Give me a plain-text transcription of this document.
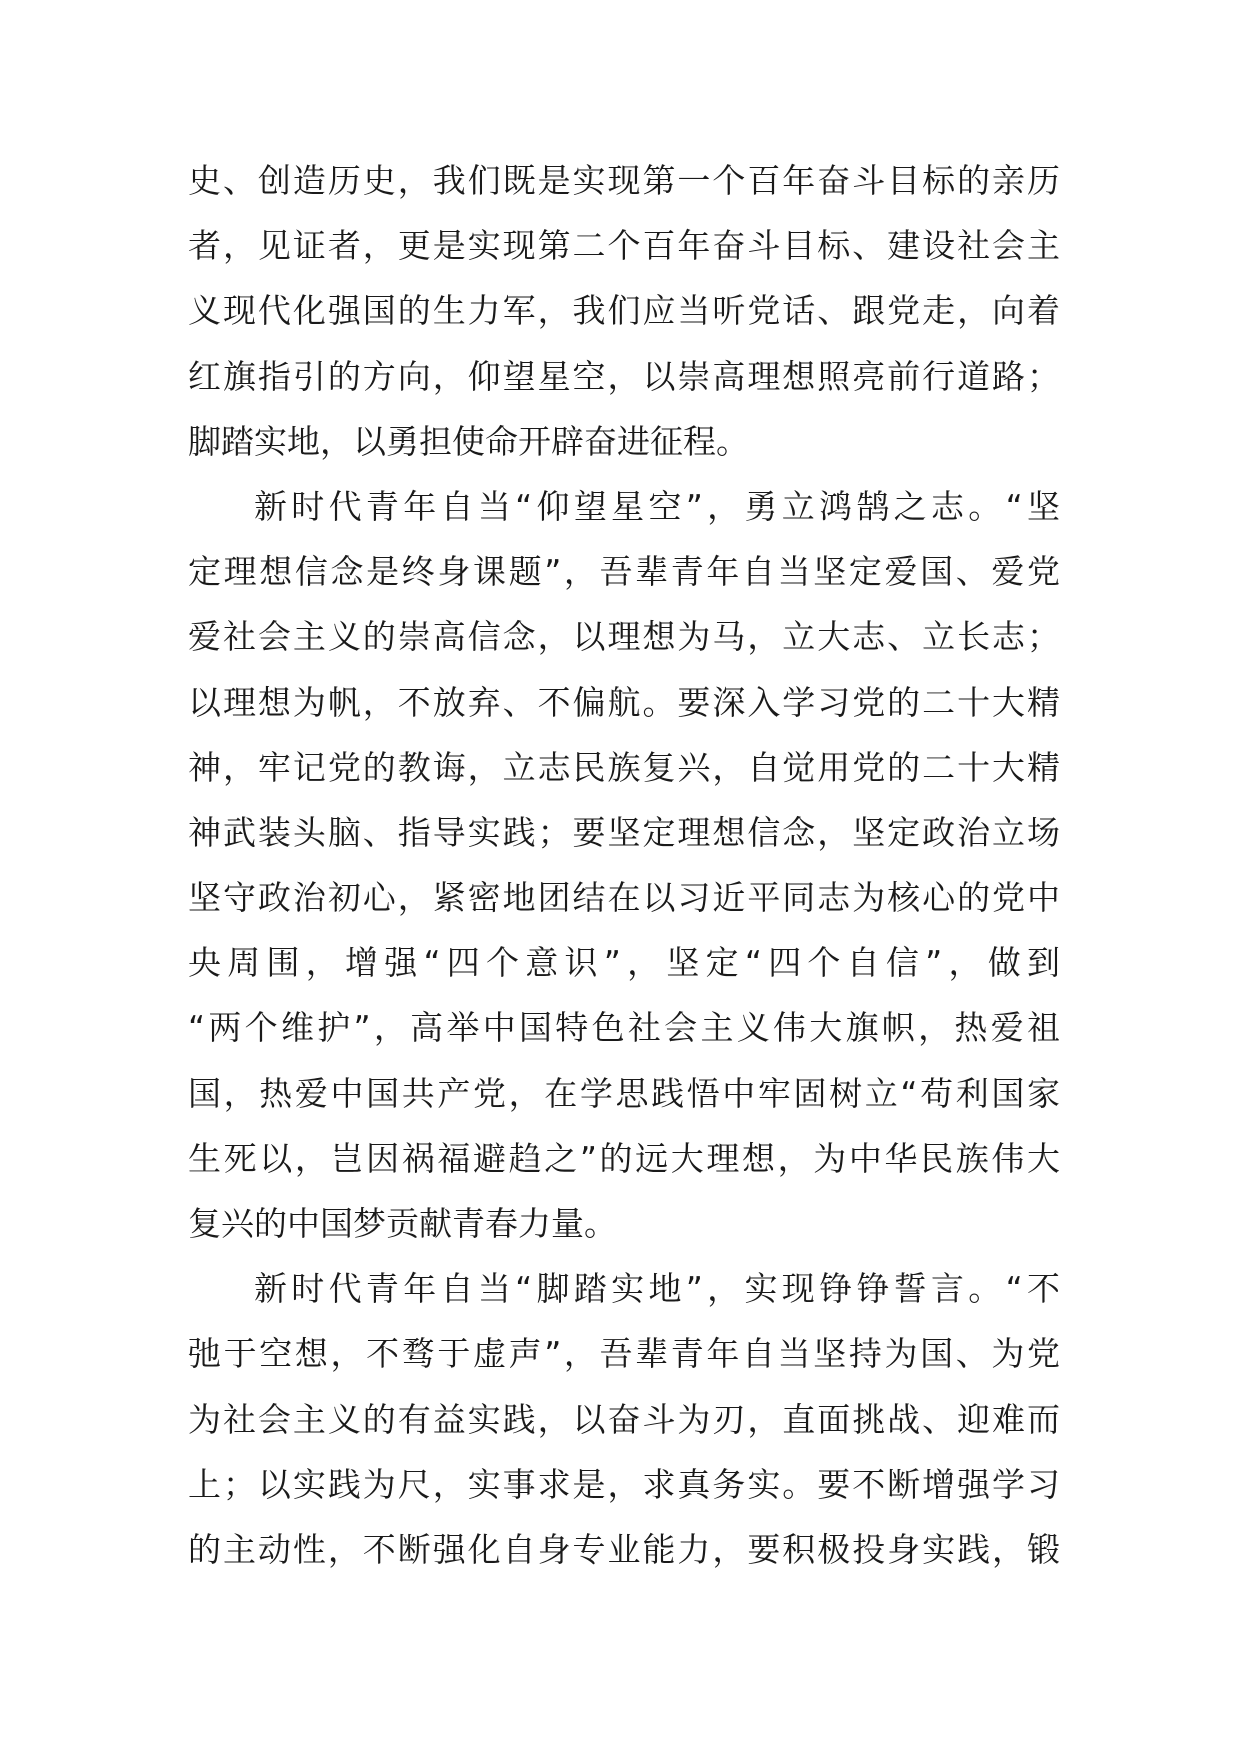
史、创造历史，我们既是实现第一个百年奋斗目标的亲历
者，见证者，更是实现第二个百年奋斗目标、建设社会主
义现代化强国的生力军，我们应当听党话、跟党走，向着
红旗指引的方向，仰望星空，以崇高理想照亮前行道路；
脚踏实地，以勇担使命开辟奋进征程。
新时代青年自当“仰望星空”，勇立鸿鹄之志。“坚
定理想信念是终身课题”，吾辈青年自当坚定爱国、爱党
爱社会主义的崇高信念，以理想为马，立大志、立长志；
以理想为帆，不放弃、不偏航。要深入学习党的二十大精
神，牢记党的教诲，立志民族复兴，自觉用党的二十大精
神武装头脑、指导实践；要坚定理想信念，坚定政治立场
坚守政治初心，紧密地团结在以习近平同志为核心的党中
央周围，增强“四个意识”，坚定“四个自信”，做到
“两个维护”，高举中国特色社会主义伟大旗帜，热爱祖
国，热爱中国共产党，在学思践悟中牢固树立“苟利国家
生死以，岂因祸福避趋之”的远大理想，为中华民族伟大
复兴的中国梦贡献青春力量。
新时代青年自当“脚踏实地”，实现铮铮誓言。“不
弛于空想，不骛于虚声”，吾辈青年自当坚持为国、为党
为社会主义的有益实践，以奋斗为刃，直面挑战、迎难而
上；以实践为尺，实事求是，求真务实。要不断增强学习
的主动性，不断强化自身专业能力，要积极投身实践，锻
